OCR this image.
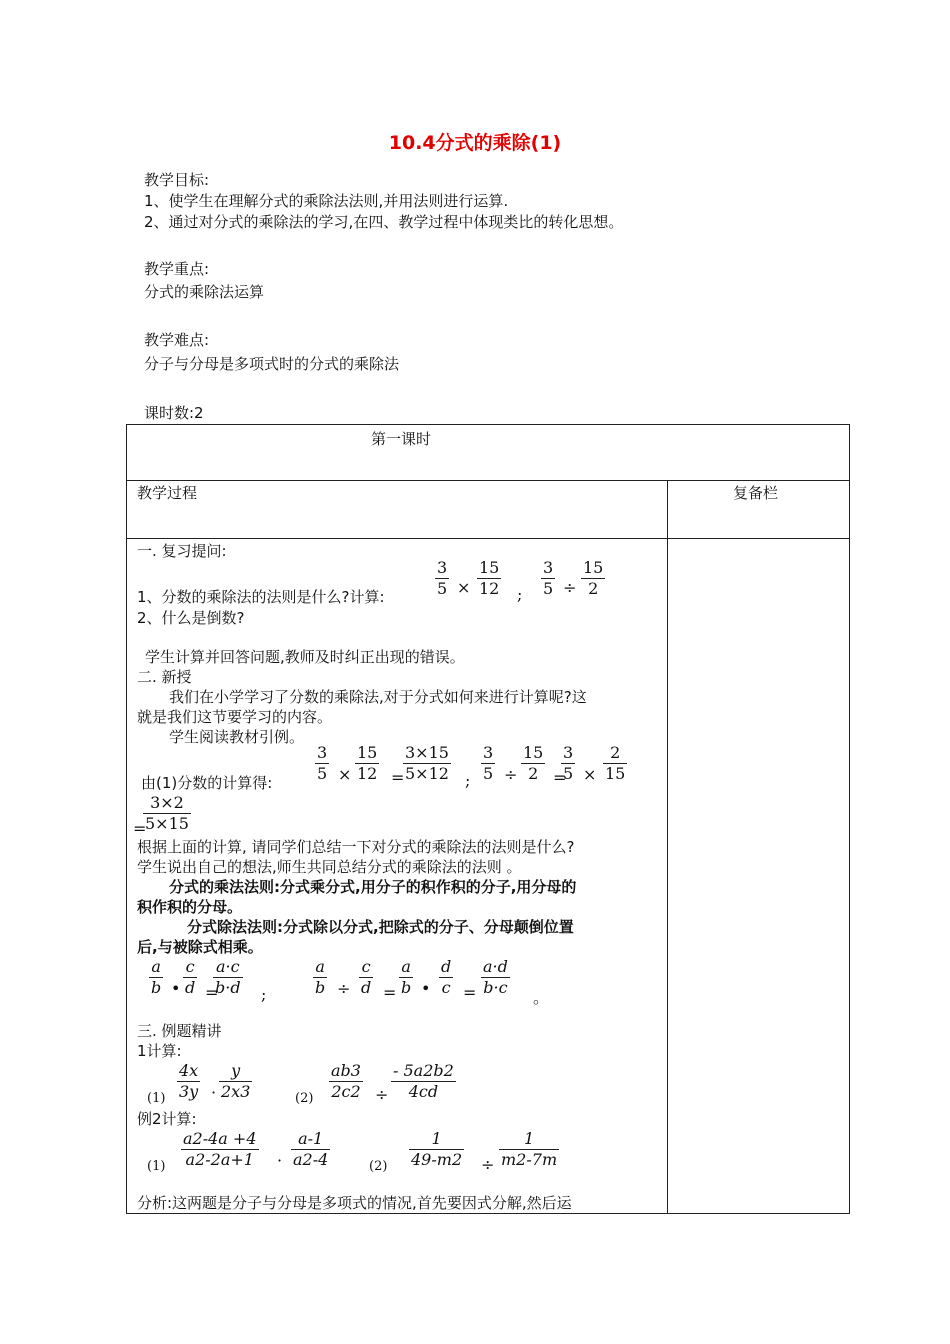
10.4分式的乘除(1)
教学目标:
1、使学生在理解分式的乘除法法则,并用法则进行运算.
2、通过对分式的乘除法的学习,在四、教学过程中体现类比的转化思想。
教学重点:
分式的乘除法运算
教学难点:
分子与分母是多项式时的分式的乘除法
课时数:2
第一课时
教学过程	复备栏
一. 复习提问:
$\frac{3}{5} \times \frac{15}{12}$ ; $\frac{3}{5} \div \frac{15}{2}$
1、分数的乘除法的法则是什么?计算:
2、什么是倒数?
学生计算并回答问题,教师及时纠正出现的错误。
二. 新授
我们在小学学习了分数的乘除法,对于分式如何来进行计算呢?这
就是我们这节要学习的内容。
学生阅读教材引例。
由(1)分数的计算得:	$\frac{3}{5} \times \frac{15}{12}$ =
$\frac{3\times 15}{5\times 12}$ ; $\frac{3}{5} \div \frac{15}{2}$ =
$\frac{3}{5} \times \frac{2}{15}$
=
$\frac{3\times 2}{5\times 15}$
根据上面的计算, 请同学们总结一下对分式的乘除法的法则是什么?
学生说出自己的想法,师生共同总结分式的乘除法的法则 。
分式的乘法法则:分式乘分式,用分子的积作积的分子,用分母的
积作积的分母。
分式除法法则:分式除以分式,把除式的分子、分母颠倒位置
后,与被除式相乘。
$\frac{a}{b}$ • $\frac{c}{d}$ =
$\frac{a\cdot c}{b\cdot d}$ ;	$\frac{a}{b} \div \frac{c}{d} = \frac{a}{b}$ • $\frac{d}{c} = \frac{a\cdot d}{b\cdot c}$ 。
三. 例题精讲
1计算:
$(1) \frac{4x}{3y} \cdot \frac{y}{2x3}$	$(2) \frac{ab3}{2c2} \div \frac{- 5a2b2}{4cd}$
例2计算:
$(1) \frac{a2-4a +4}{a2-2a+1} \cdot \frac{a-1}{a2-4}$	$(2) \frac{1}{49-m2} \div \frac{1}{m2-7m}$
分析:这两题是分子与分母是多项式的情况,首先要因式分解,然后运
